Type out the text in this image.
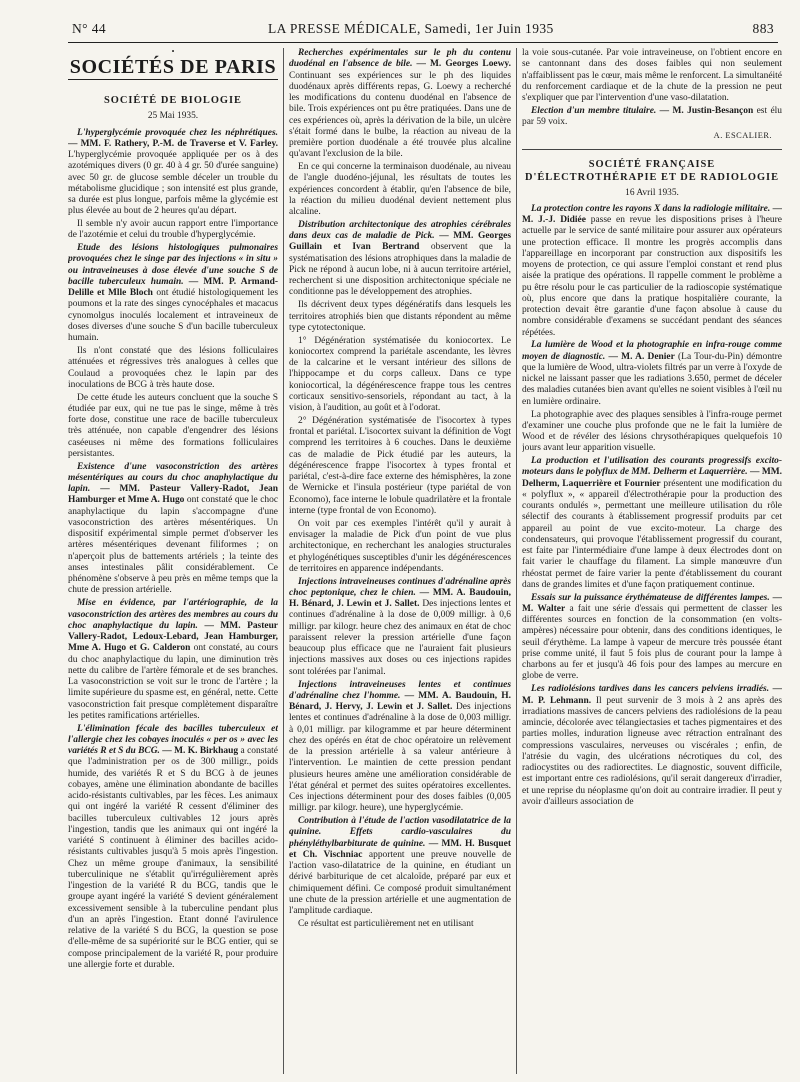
N° 44	LA PRESSE MÉDICALE, Samedi, 1er Juin 1935	883
•
SOCIÉTÉS DE PARIS
SOCIÉTÉ DE BIOLOGIE
25 Mai 1935.

L'hyperglycémie provoquée chez les néphrétiques. — MM. F. Rathery, P.-M. de Traverse et V. Farley. L'hyperglycémie provoquée appliquée per os à des azotémiques divers (0 gr. 40 à 4 gr. 50 d'urée sanguine) avec 50 gr. de glucose semble déceler un trouble du métabolisme glucidique ; son intensité est plus grande, sa durée est plus longue, parfois même la glycémie est plus élevée au bout de 2 heures qu'au départ.

Il semble n'y avoir aucun rapport entre l'importance de l'azotémie et celui du trouble d'hyperglycémie.

Etude des lésions histologiques pulmonaires provoquées chez le singe par des injections « in situ » ou intraveineuses à dose élevée d'une souche S de bacille tuberculeux humain. — MM. P. Armand-Delille et Mlle Bloch ont étudié histologiquement les poumons et la rate des singes cynocéphales et macacus cynomolgus inoculés localement et intraveineux de doses diverses d'une souche S d'un bacille tuberculeux humain.

Ils n'ont constaté que des lésions folliculaires atténuées et régressives très analogues à celles que Coulaud a provoquées chez le lapin par des inoculations de BCG à très haute dose.

De cette étude les auteurs concluent que la souche S étudiée par eux, qui ne tue pas le singe, même à très forte dose, constitue une race de bacille tuberculeux très atténuée, non capable d'engendrer des lésions caséeuses ni même des formations folliculaires persistantes.

Existence d'une vasoconstriction des artères mésentériques au cours du choc anaphylactique du lapin. — MM. Pasteur Vallery-Radot, Jean Hamburger et Mme A. Hugo ont constaté que le choc anaphylactique du lapin s'accompagne d'une vasoconstriction des artères mésentériques. Un dispositif expérimental simple permet d'observer les artères mésentériques devenant filiformes ; on n'aperçoit plus de battements artériels ; la teinte des anses intestinales pâlit considérablement. Ce phénomène s'observe à peu près en même temps que la chute de pression artérielle.

Mise en évidence, par l'artériographie, de la vasoconstriction des artères des membres au cours du choc anaphylactique du lapin. — MM. Pasteur Vallery-Radot, Ledoux-Lebard, Jean Hamburger, Mme A. Hugo et G. Calderon ont constaté, au cours du choc anaphylactique du lapin, une diminution très nette du calibre de l'artère fémorale et de ses branches. La vasoconstriction se voit sur le tronc de l'artère ; la limite supérieure du spasme est, en général, nette. Cette vasoconstriction fait presque complètement disparaître les petites ramifications artérielles.

L'élimination fécale des bacilles tuberculeux et l'allergie chez les cobayes inoculés « per os » avec les variétés R et S du BCG. — M. K. Birkhaug a constaté que l'administration per os de 300 milligr., poids humide, des variétés R et S du BCG à de jeunes cobayes, amène une élimination abondante de bacilles acido-résistants cultivables, par les fèces. Les animaux qui ont ingéré la variété R cessent d'éliminer des bacilles tuberculeux cultivables 12 jours après l'ingestion, tandis que les animaux qui ont ingéré la variété S continuent à éliminer des bacilles acido-résistants cultivables jusqu'à 5 mois après l'ingestion. Chez un même groupe d'animaux, la sensibilité tuberculinique ne s'établit qu'irrégulièrement après l'ingestion de la variété R du BCG, tandis que le groupe ayant ingéré la variété S devient généralement excessivement sensible à la tuberculine pendant plus d'un an après l'ingestion. Etant donné l'avirulence relative de la variété S du BCG, la question se pose d'elle-même de sa supériorité sur le BCG entier, qui se compose principalement de la variété R, pour produire une allergie forte et durable.

Recherches expérimentales sur le ph du contenu duodénal en l'absence de bile. — M. Georges Loewy. Continuant ses expériences sur le ph des liquides duodénaux après différents repas, G. Loewy a recherché les modifications du contenu duodénal en l'absence de bile. Trois expériences ont pu être pratiquées. Dans une de ces expériences où, après la dérivation de la bile, un ulcère s'était formé dans le bulbe, la réaction au niveau de la première portion duodénale a été trouvée plus alcaline qu'avant l'exclusion de la bile.

En ce qui concerne la terminaison duodénale, au niveau de l'angle duodéno-jéjunal, les résultats de toutes les expériences concordent à établir, qu'en l'absence de bile, la réaction du milieu duodénal devient nettement plus alcaline.

Distribution architectonique des atrophies cérébrales dans deux cas de maladie de Pick. — MM. Georges Guillain et Ivan Bertrand observent que la systématisation des lésions atrophiques dans la maladie de Pick ne répond à aucun lobe, ni à aucun territoire artériel, recherchent si une disposition architectonique spéciale ne conditionne pas le développement des atrophies.

Ils décrivent deux types dégénératifs dans lesquels les territoires atrophiés bien que distants répondent au même type cytotectonique.

1° Dégénération systématisée du koniocortex. Le koniocortex comprend la pariétale ascendante, les lèvres de la calcarine et le versant intérieur des sillons de l'hippocampe et du corps calleux. Dans ce type koniocortical, la dégénérescence frappe tous les centres corticaux sensitivo-sensoriels, répondant au tact, à la vision, à l'audition, au goût et à l'odorat.

2° Dégénération systématisée de l'isocortex à types frontal et pariétal. L'isocortex suivant la définition de Vogt comprend les territoires à 6 couches. Dans le deuxième cas de maladie de Pick étudié par les auteurs, la dégénérescence frappe l'isocortex à types frontal et pariétal, c'est-à-dire face externe des hémisphères, la zone de Wernicke et l'insula postérieur (type pariétal de von Economo), face interne le lobule quadrilatère et la frontale interne (type frontal de von Economo).

On voit par ces exemples l'intérêt qu'il y aurait à envisager la maladie de Pick d'un point de vue plus architectonique, en recherchant les analogies structurales et phylogénétiques susceptibles d'unir les dégénérescences de territoires en apparence indépendants.

Injections intraveineuses continues d'adrénaline après choc peptonique, chez le chien. — MM. A. Baudouin, H. Bénard, J. Lewin et J. Sallet. Des injections lentes et continues d'adrénaline à la dose de 0,009 milligr. à 0,6 milligr. par kilogr. heure chez des animaux en état de choc paraissent relever la pression artérielle d'une façon beaucoup plus efficace que ne l'auraient fait plusieurs injections massives aux doses ou ces injections rapides sont tolérées par l'animal.

Injections intraveineuses lentes et continues d'adrénaline chez l'homme. — MM. A. Baudouin, H. Bénard, J. Hervy, J. Lewin et J. Sallet. Des injections lentes et continues d'adrénaline à la dose de 0,003 milligr. à 0,01 milligr. par kilogramme et par heure déterminent chez des opérés en état de choc opératoire un relèvement de la pression artérielle à sa valeur antérieure à l'intervention. Le maintien de cette pression pendant plusieurs heures amène une amélioration considérable de l'état général et permet des suites opératoires excellentes. Ces injections déterminent pour des doses faibles (0,005 milligr. par kilogr. heure), une hyperglycémie.

Contribution à l'étude de l'action vasodilatatrice de la quinine. Effets cardio-vasculaires du phényléthylbarbiturate de quinine. — MM. H. Busquet et Ch. Vischniac apportent une preuve nouvelle de l'action vaso-dilatatrice de la quinine, en étudiant un dérivé barbiturique de cet alcaloïde, préparé par eux et chimiquement défini. Ce composé produit simultanément une chute de la pression artérielle et une augmentation de l'amplitude cardiaque.

Ce résultat est particulièrement net en utilisant

la voie sous-cutanée. Par voie intraveineuse, on l'obtient encore en se cantonnant dans des doses faibles qui non seulement n'affaiblissent pas le cœur, mais même le renforcent. La simultanéité du renforcement cardiaque et de la chute de la pression ne peut s'expliquer que par l'intervention d'une vaso-dilatation.

Election d'un membre titulaire. — M. Justin-Besançon est élu par 59 voix.

A. ESCALIER.
SOCIÉTÉ FRANÇAISE D'ÉLECTROTHÉRAPIE ET DE RADIOLOGIE
16 Avril 1935.

La protection contre les rayons X dans la radiologie militaire. — M. J.-J. Didiée passe en revue les dispositions prises à l'heure actuelle par le service de santé militaire pour assurer aux opérateurs une protection efficace. Il montre les progrès accomplis dans l'appareillage en incorporant par construction aux dispositifs les moyens de protection, ce qui assure l'emploi constant et rend plus aisée la pratique des opérations. Il rappelle comment le problème a pu être résolu pour le cas particulier de la radioscopie systématique où, plus encore que dans la pratique hospitalière courante, la protection devait être garantie d'une façon absolue à cause du nombre considérable d'examens se succédant pendant des séances répétées.

La lumière de Wood et la photographie en infra-rouge comme moyen de diagnostic. — M. A. Denier (La Tour-du-Pin) démontre que la lumière de Wood, ultra-violets filtrés par un verre à l'oxyde de nickel ne laissant passer que les radiations 3.650, permet de déceler des maladies cutanées bien avant qu'elles ne soient visibles à l'œil nu en lumière ordinaire.

La photographie avec des plaques sensibles à l'infra-rouge permet d'examiner une couche plus profonde que ne le fait la lumière de Wood et de révéler des lésions chrysothérapiques quelquefois 10 jours avant leur apparition visuelle.

La production et l'utilisation des courants progressifs excito-moteurs dans le polyflux de MM. Delherm et Laquerrière. — MM. Delherm, Laquerrière et Fournier présentent une modification du « polyflux », « appareil d'électrothérapie pour la production des courants ondulés », permettant une meilleure utilisation du rôle sélectif des courants à établissement progressif produits par cet appareil au point de vue excito-moteur. La charge des condensateurs, qui provoque l'établissement progressif du courant, est faite par l'intermédiaire d'une lampe à deux électrodes dont on fait varier le chauffage du filament. La simple manœuvre d'un rhéostat permet de faire varier la pente d'établissement du courant dans de grandes limites et d'une façon pratiquement continue.

Essais sur la puissance érythémateuse de différentes lampes. — M. Walter a fait une série d'essais qui permettent de classer les différentes sources en fonction de la consommation (en volts-ampères) nécessaire pour obtenir, dans des conditions identiques, le seuil d'érythème. La lampe à vapeur de mercure très poussée étant prise comme unité, il faut 5 fois plus de courant pour la lampe à charbons au fer et jusqu'à 46 fois pour des lampes au mercure en globe de verre.

Les radiolésions tardives dans les cancers pelviens irradiés. — M. P. Lehmann. Il peut survenir de 3 mois à 2 ans après des irradiations massives de cancers pelviens des radiolésions de la peau amincie, décolorée avec télangiectasies et taches pigmentaires et des parties molles, induration ligneuse avec rétraction entraînant des compressions vasculaires, nerveuses ou viscérales ; enfin, de l'atrésie du vagin, des ulcérations nécrotiques du col, des radiocystites ou des radiorectites. Le diagnostic, souvent difficile, est important entre ces radiolésions, qu'il serait dangereux d'irradier, et une reprise du néoplasme qu'on doit au contraire irradier. Il peut y avoir d'ailleurs association de
